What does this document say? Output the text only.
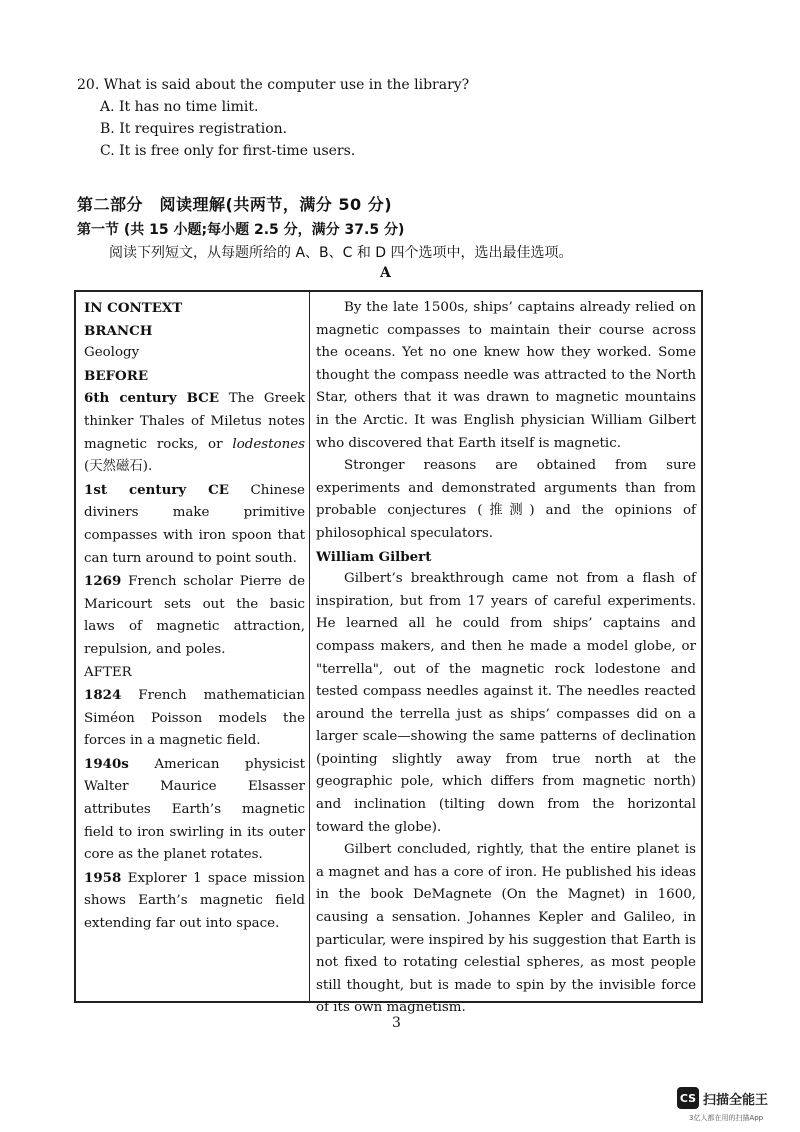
20. What is said about the computer use in the library?

A. It has no time limit.

B. It requires registration.

C. It is free only for first-time users.

第二部分　阅读理解(共两节，满分 50 分)
第一节 (共 15 小题;每小题 2.5 分，满分 37.5 分)
阅读下列短文，从每题所给的 A、B、C 和 D 四个选项中，选出最佳选项。
A

IN CONTEXT

BRANCH

Geology

BEFORE

6th century BCE The Greek thinker Thales of Miletus notes magnetic rocks, or lodestones (天然磁石).

1st century CE Chinese diviners make primitive compasses with iron spoon that can turn around to point south.

1269 French scholar Pierre de Maricourt sets out the basic laws of magnetic attraction, repulsion, and poles.

AFTER

1824 French mathematician Siméon Poisson models the forces in a magnetic field.

1940s American physicist Walter Maurice Elsasser attributes Earth’s magnetic field to iron swirling in its outer core as the planet rotates.

1958 Explorer 1 space mission shows Earth’s magnetic field extending far out into space.

By the late 1500s, ships’ captains already relied on magnetic compasses to maintain their course across the oceans. Yet no one knew how they worked. Some thought the compass needle was attracted to the North Star, others that it was drawn to magnetic mountains in the Arctic. It was English physician William Gilbert who discovered that Earth itself is magnetic.

Stronger reasons are obtained from sure experiments and demonstrated arguments than from probable conjectures (推测) and the opinions of philosophical speculators.

William Gilbert

Gilbert’s breakthrough came not from a flash of inspiration, but from 17 years of careful experiments. He learned all he could from ships’ captains and compass makers, and then he made a model globe, or "terrella", out of the magnetic rock lodestone and tested compass needles against it. The needles reacted around the terrella just as ships’ compasses did on a larger scale—showing the same patterns of declination (pointing slightly away from true north at the geographic pole, which differs from magnetic north) and inclination (tilting down from the horizontal toward the globe).

Gilbert concluded, rightly, that the entire planet is a magnet and has a core of iron. He published his ideas in the book DeMagnete (On the Magnet) in 1600, causing a sensation. Johannes Kepler and Galileo, in particular, were inspired by his suggestion that Earth is not fixed to rotating celestial spheres, as most people still thought, but is made to spin by the invisible force of its own magnetism.

3
CS 扫描全能王
3亿人都在用的扫描App
